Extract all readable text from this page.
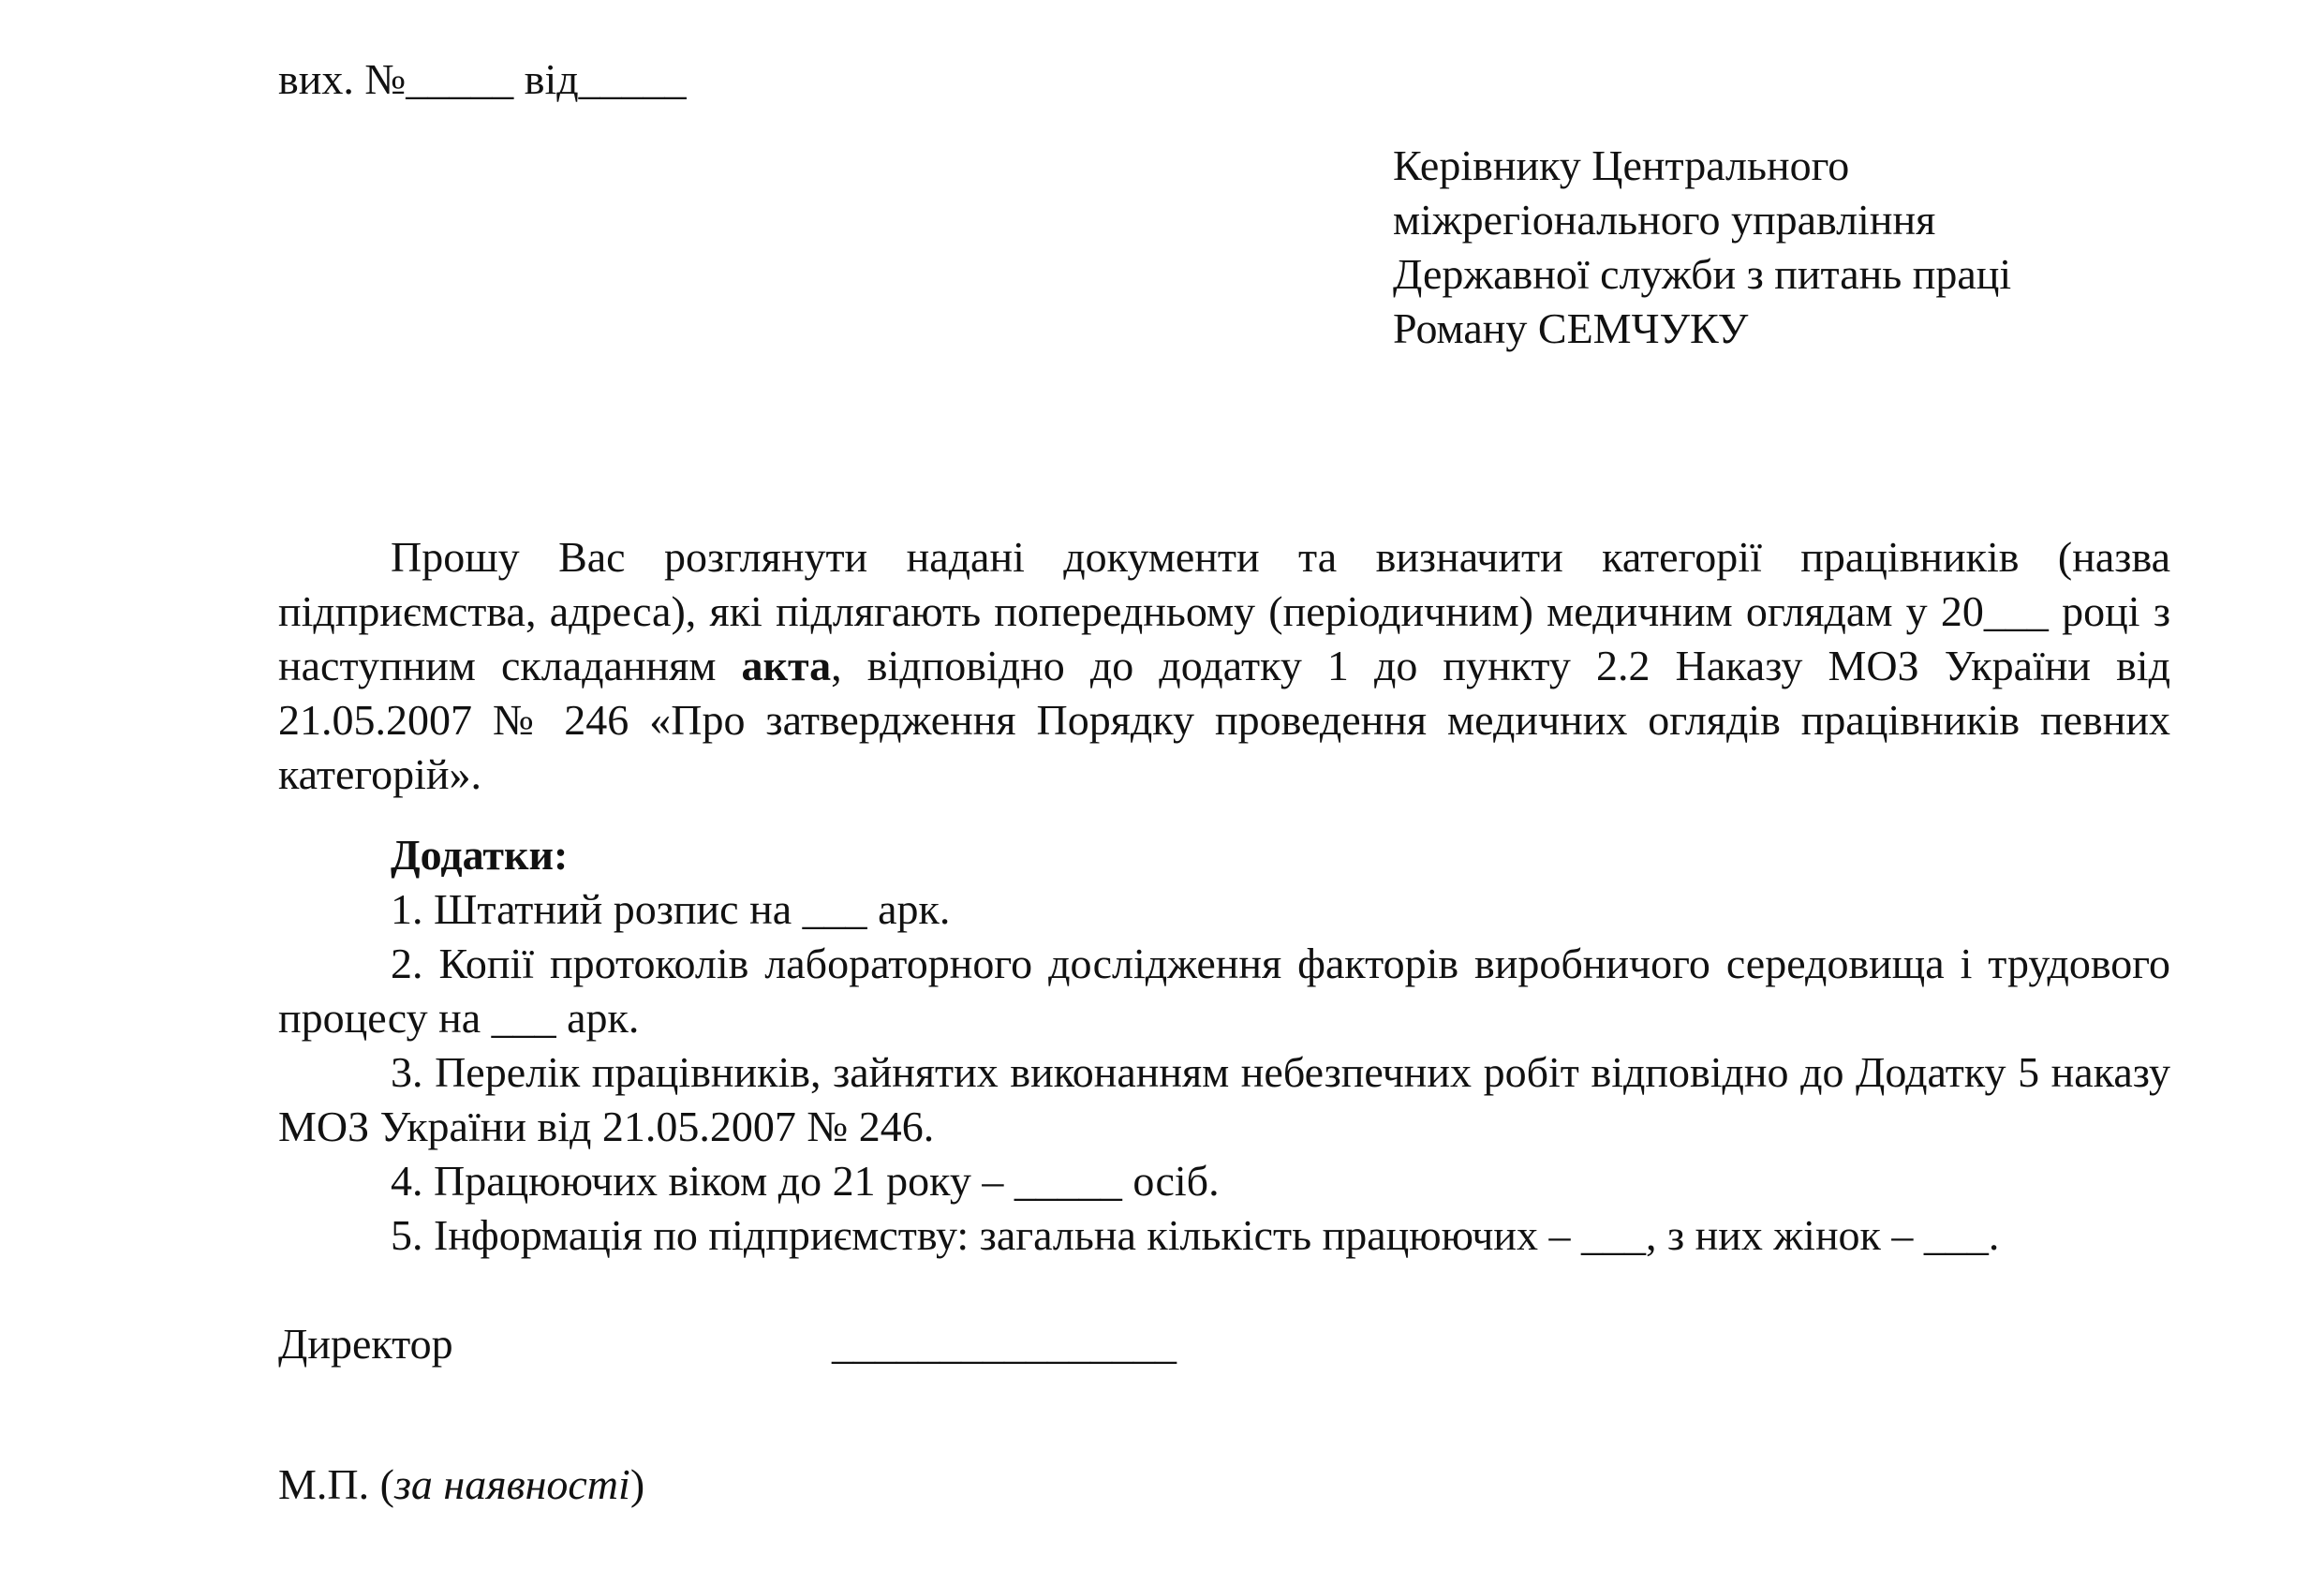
вих. №_____ від_____
Керівнику Центрального
міжрегіонального управління
Державної служби з питань праці
Роману СЕМЧУКУ
Прошу Вас розглянути надані документи та визначити категорії працівників (назва підприємства, адреса), які підлягають попередньому (періодичним) медичним оглядам у 20___ році з наступним складанням акта, відповідно до додатку 1 до пункту 2.2 Наказу МОЗ України від 21.05.2007 № 246 «Про затвердження Порядку проведення медичних оглядів працівників певних категорій».
Додатки:
1. Штатний розпис на ___ арк.
2. Копії протоколів лабораторного дослідження факторів виробничого середовища і трудового процесу на ___ арк.
3. Перелік працівників, зайнятих виконанням небезпечних робіт відповідно до Додатку 5 наказу МОЗ України від 21.05.2007 № 246.
4. Працюючих віком до 21 року – _____ осіб.
5. Інформація по підприємству: загальна кількість працюючих – ___, з них жінок – ___.
Директор	________________
М.П. (за наявності)
